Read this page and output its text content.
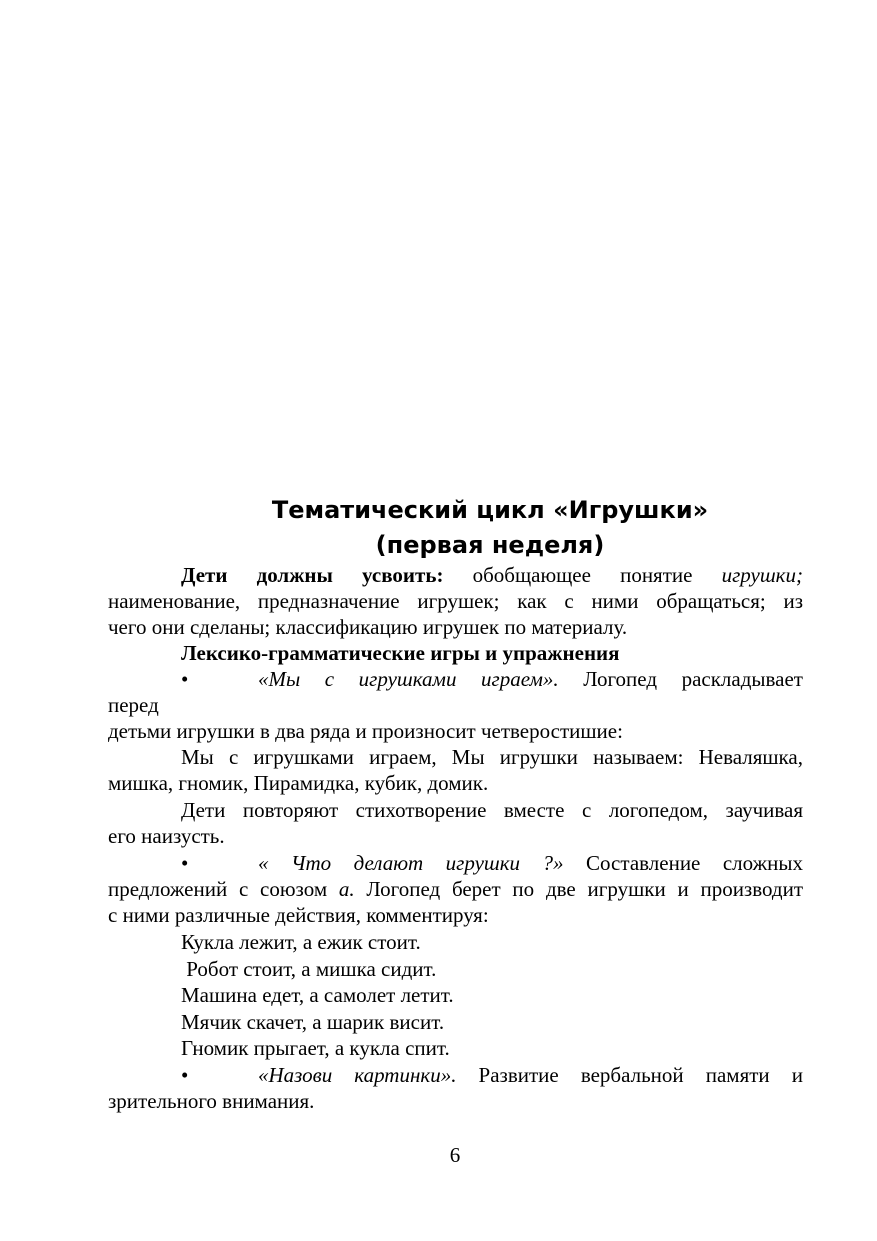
Тематический цикл «Игрушки»
(первая неделя)
Дети должны усвоить: обобщающее понятие игрушки;
наименование, предназначение игрушек; как с ними обращаться; из
чего они сделаны; классификацию игрушек по материалу.
Лексико-грамматические игры и упражнения
•	«Мы с игрушками играем». Логопед раскладывает
перед
детьми игрушки в два ряда и произносит четверостишие:
Мы с игрушками играем, Мы игрушки называем: Неваляшка,
мишка, гномик, Пирамидка, кубик, домик.
Дети повторяют стихотворение вместе с логопедом, заучивая
его наизусть.
•	« Что делают игрушки ?» Составление сложных
предложений с союзом а. Логопед берет по две игрушки и производит
с ними различные действия, комментируя:
Кукла лежит, а ежик стоит.
Робот стоит, а мишка сидит.
Машина едет, а самолет летит.
Мячик скачет, а шарик висит.
Гномик прыгает, а кукла спит.
•	«Назови картинки». Развитие вербальной памяти и
зрительного внимания.
6
